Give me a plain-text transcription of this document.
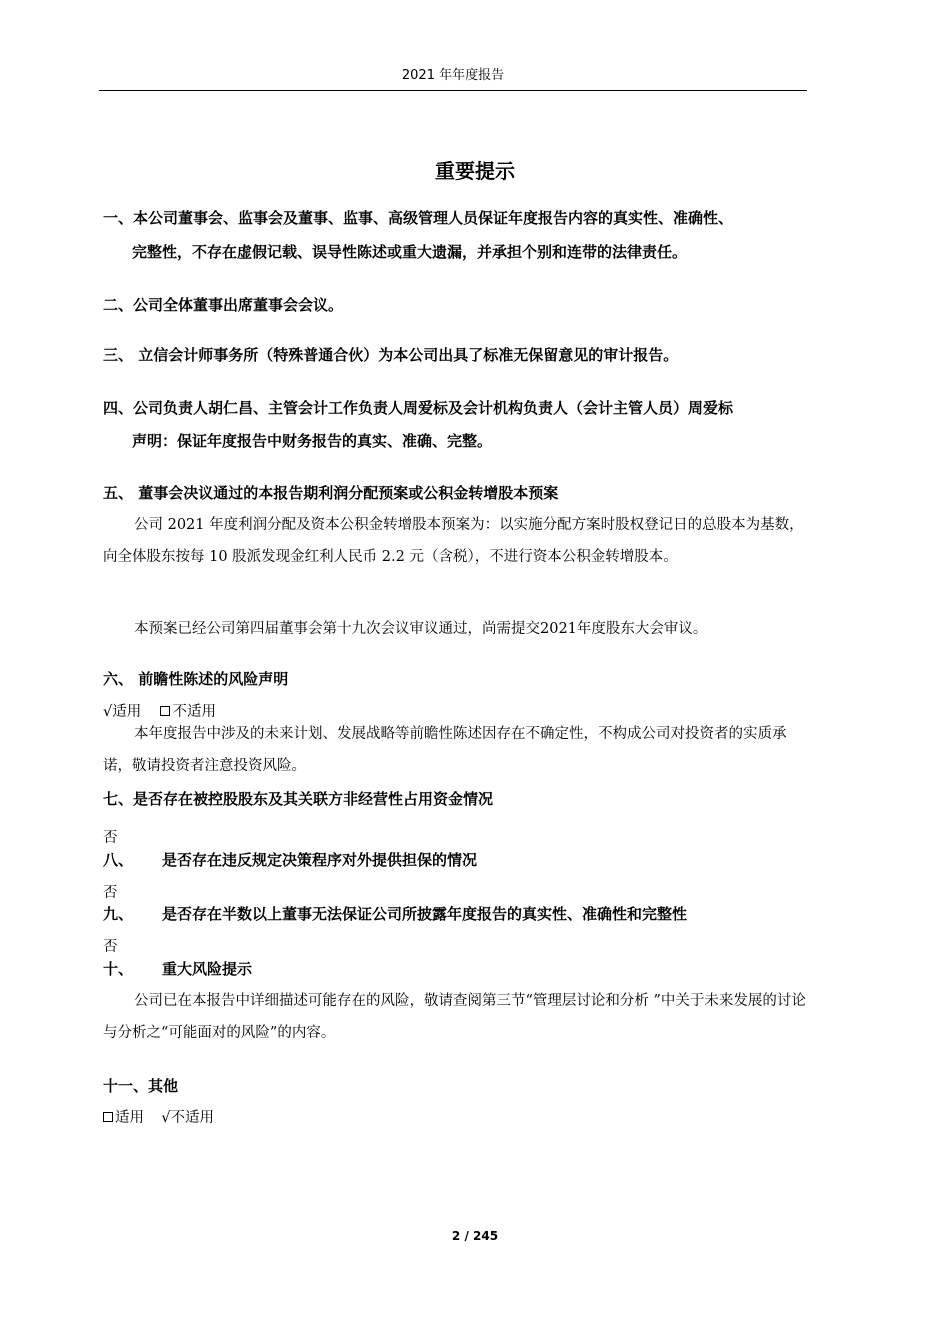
2021 年年度报告
重要提示
一、本公司董事会、监事会及董事、监事、高级管理人员保证年度报告内容的真实性、准确性、
完整性，不存在虚假记载、误导性陈述或重大遗漏，并承担个别和连带的法律责任。
二、公司全体董事出席董事会会议。
三、 立信会计师事务所（特殊普通合伙）为本公司出具了标准无保留意见的审计报告。
四、公司负责人胡仁昌、主管会计工作负责人周爱标及会计机构负责人（会计主管人员）周爱标
声明：保证年度报告中财务报告的真实、准确、完整。
五、 董事会决议通过的本报告期利润分配预案或公积金转增股本预案
公司 2021 年度利润分配及资本公积金转增股本预案为：以实施分配方案时股权登记日的总股本为基数，向全体股东按每 10 股派发现金红利人民币 2.2 元（含税），不进行资本公积金转增股本。
本预案已经公司第四届董事会第十九次会议审议通过，尚需提交2021年度股东大会审议。
六、 前瞻性陈述的风险声明
√适用 不适用
本年度报告中涉及的未来计划、发展战略等前瞻性陈述因存在不确定性，不构成公司对投资者的实质承诺，敬请投资者注意投资风险。
七、是否存在被控股股东及其关联方非经营性占用资金情况
否
八、 是否存在违反规定决策程序对外提供担保的情况
否
九、 是否存在半数以上董事无法保证公司所披露年度报告的真实性、准确性和完整性
否
十、 重大风险提示
公司已在本报告中详细描述可能存在的风险，敬请查阅第三节“管理层讨论和分析 ”中关于未来发展的讨论与分析之“可能面对的风险”的内容。
十一、其他
适用 √不适用
2 / 245
